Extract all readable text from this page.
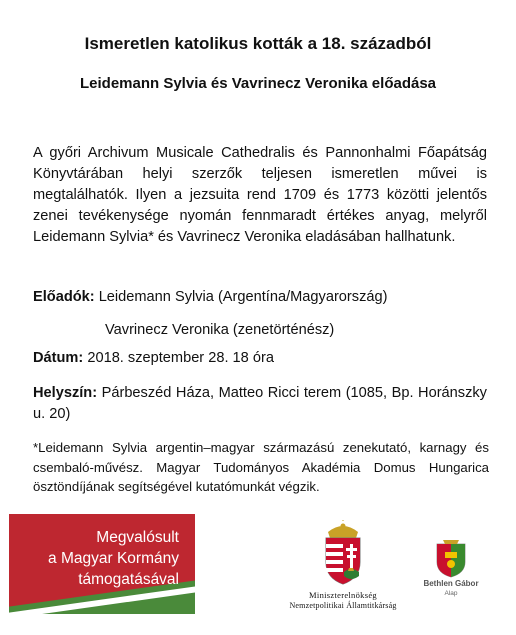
Ismeretlen katolikus kották a 18. századból
Leidemann Sylvia és Vavrinecz Veronika előadása
A győri Archivum Musicale Cathedralis és Pannonhalmi Főapátság Könyvtárában helyi szerzők teljesen ismeretlen művei is megtalálhatók. Ilyen a jezsuita rend 1709 és 1773 közötti jelentős zenei tevékenysége nyomán fennmaradt értékes anyag, melyről Leidemann Sylvia* és Vavrinecz Veronika eladásában hallhatunk.
Előadók: Leidemann Sylvia (Argentína/Magyarország)
Vavrinecz Veronika (zenetörténész)
Dátum: 2018. szeptember 28. 18 óra
Helyszín: Párbeszéd Háza, Matteo Ricci terem (1085, Bp. Horánszky u. 20)
*Leidemann Sylvia argentin–magyar származású zenekutató, karnagy és csembaló-művész. Magyar Tudományos Akadémia Domus Hungarica ösztöndíjának segítségével kutatómunkát végzik.
Megvalósult
a Magyar Kormány
támogatásával
Miniszterelnökség
Nemzetpolitikai Államtitkárság
Bethlen Gábor
Alap
